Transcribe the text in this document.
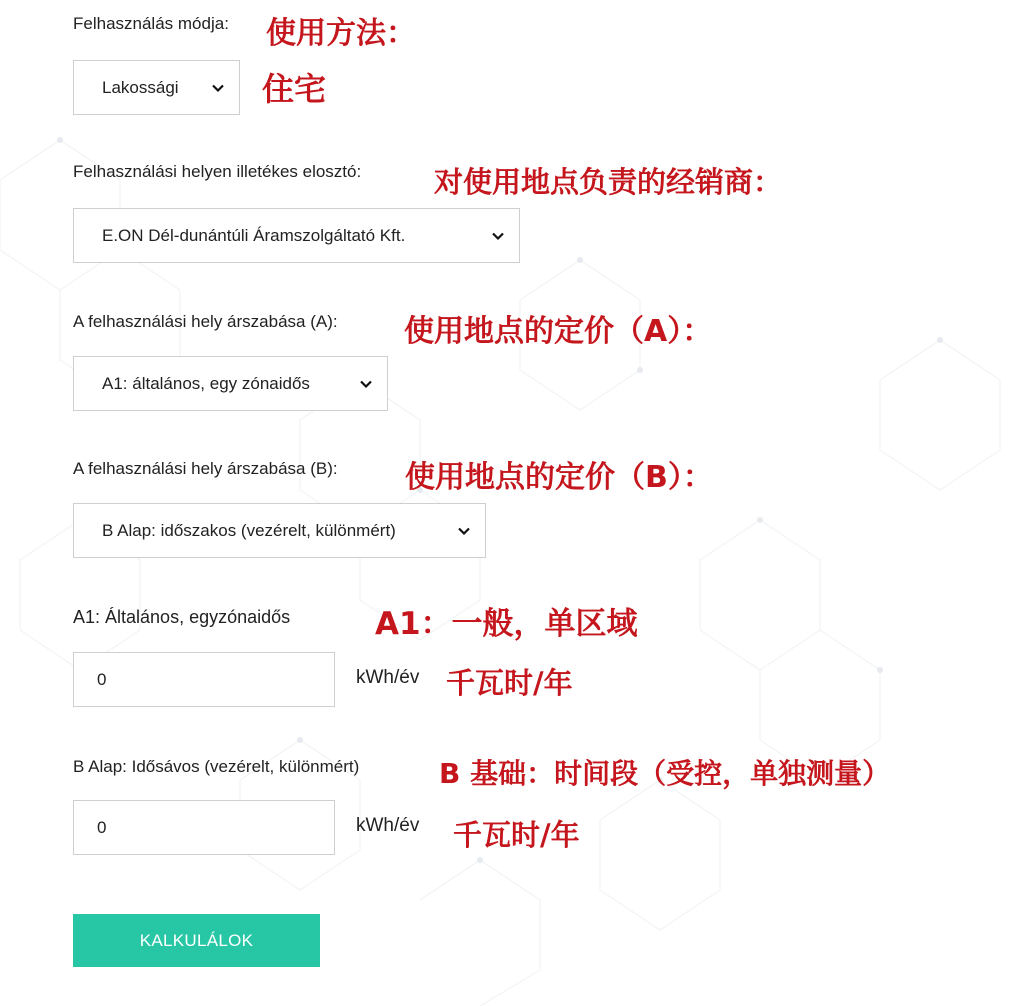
Felhasználás módja: 使用方法：
Lakossági	住宅
Felhasználási helyen illetékes elosztó:	对使用地点负责的经销商：
E.ON Dél-dunántúli Áramszolgáltató Kft.
A felhasználási hely árszabása (A): 使用地点的定价（A）：
A1: általános, egy zónaidős
A felhasználási hely árszabása (B): 使用地点的定价（B）：
B Alap: időszakos (vezérelt, különmért)
A1: Általános, egyzónaidős	A1：一般，单区域
0
kWh/év 千瓦时/年
B Alap: Idősávos (vezérelt, különmért)	B 基础：时间段（受控，单独测量）
0
kWh/év 千瓦时/年
KALKULÁLOK
